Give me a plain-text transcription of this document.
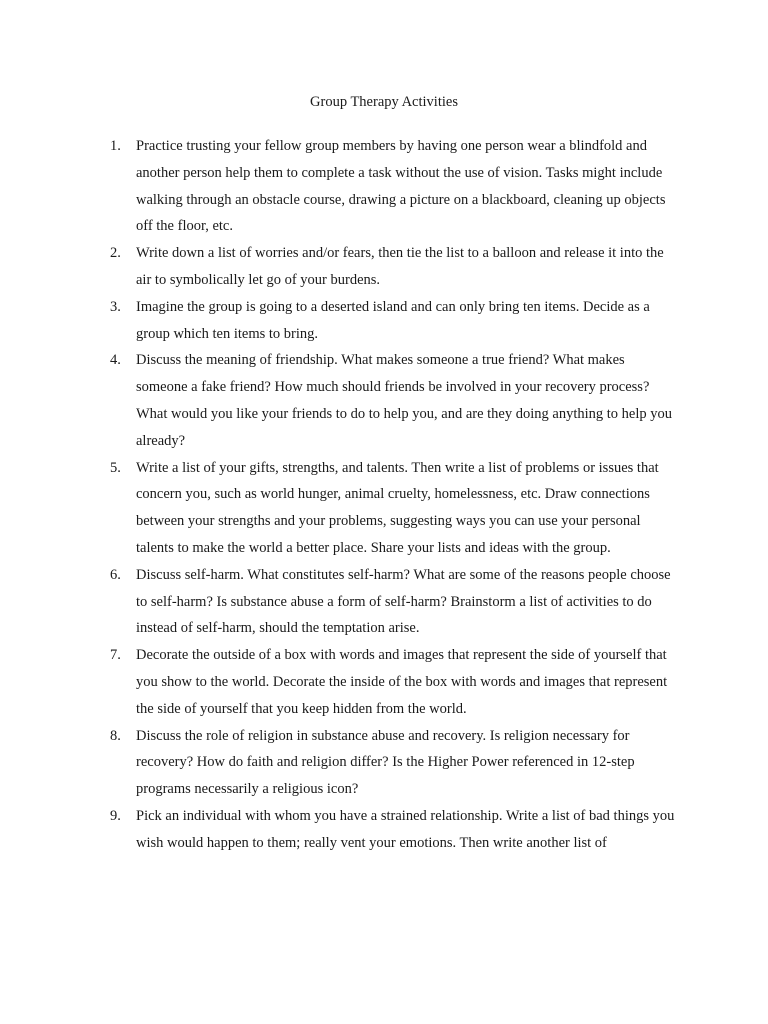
Group Therapy Activities
1. Practice trusting your fellow group members by having one person wear a blindfold and another person help them to complete a task without the use of vision. Tasks might include walking through an obstacle course, drawing a picture on a blackboard, cleaning up objects off the floor, etc.
2. Write down a list of worries and/or fears, then tie the list to a balloon and release it into the air to symbolically let go of your burdens.
3. Imagine the group is going to a deserted island and can only bring ten items. Decide as a group which ten items to bring.
4. Discuss the meaning of friendship. What makes someone a true friend? What makes someone a fake friend? How much should friends be involved in your recovery process? What would you like your friends to do to help you, and are they doing anything to help you already?
5. Write a list of your gifts, strengths, and talents. Then write a list of problems or issues that concern you, such as world hunger, animal cruelty, homelessness, etc. Draw connections between your strengths and your problems, suggesting ways you can use your personal talents to make the world a better place. Share your lists and ideas with the group.
6. Discuss self-harm. What constitutes self-harm? What are some of the reasons people choose to self-harm? Is substance abuse a form of self-harm? Brainstorm a list of activities to do instead of self-harm, should the temptation arise.
7. Decorate the outside of a box with words and images that represent the side of yourself that you show to the world. Decorate the inside of the box with words and images that represent the side of yourself that you keep hidden from the world.
8. Discuss the role of religion in substance abuse and recovery. Is religion necessary for recovery? How do faith and religion differ? Is the Higher Power referenced in 12-step programs necessarily a religious icon?
9. Pick an individual with whom you have a strained relationship. Write a list of bad things you wish would happen to them; really vent your emotions. Then write another list of
